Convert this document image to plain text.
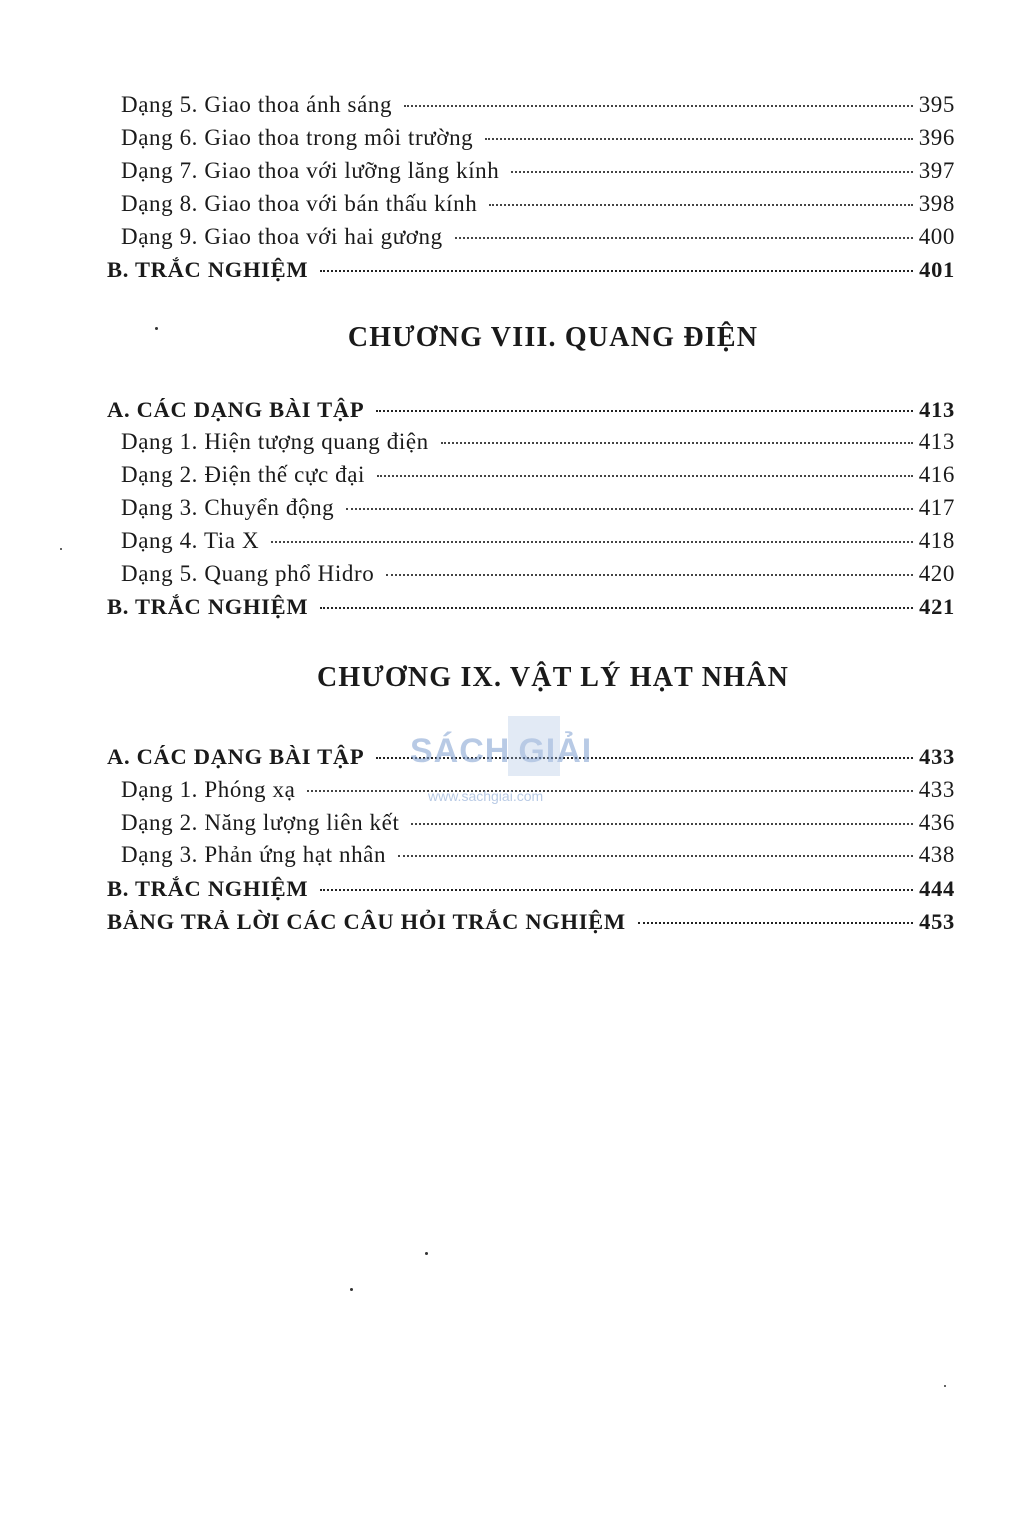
Dạng 5. Giao thoa ánh sáng	395
Dạng 6. Giao thoa trong môi trường	396
Dạng 7. Giao thoa với lưỡng lăng kính	397
Dạng 8. Giao thoa với bán thấu kính	398
Dạng 9. Giao thoa với hai gương	400
B. TRẮC NGHIỆM	401
CHƯƠNG VIII. QUANG ĐIỆN
A. CÁC DẠNG BÀI TẬP	413
Dạng 1. Hiện tượng quang điện	413
Dạng 2. Điện thế cực đại	416
Dạng 3. Chuyển động	417
Dạng 4. Tia X	418
Dạng 5. Quang phổ Hidro	420
B. TRẮC NGHIỆM	421
CHƯƠNG IX. VẬT LÝ HẠT NHÂN
A. CÁC DẠNG BÀI TẬP	433
Dạng 1. Phóng xạ	433
Dạng 2. Năng lượng liên kết	436
Dạng 3. Phản ứng hạt nhân	438
B. TRẮC NGHIỆM	444
BẢNG TRẢ LỜI CÁC CÂU HỎI TRẮC NGHIỆM	453
SÁCH GIẢI
www.sachgiai.com
